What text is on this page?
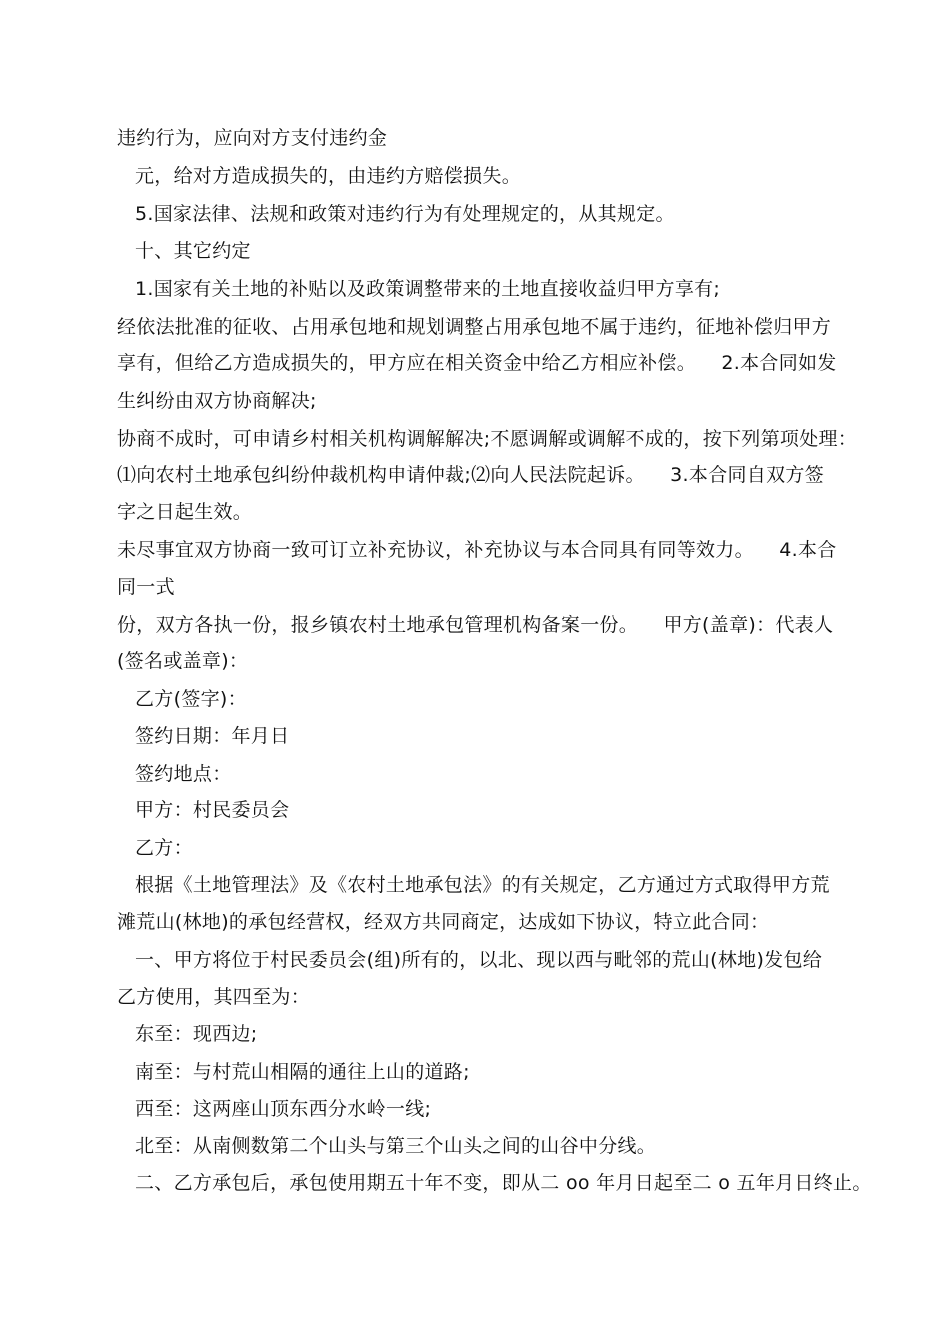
违约行为，应向对方支付违约金
元，给对方造成损失的，由违约方赔偿损失。
5.国家法律、法规和政策对违约行为有处理规定的，从其规定。
十、其它约定
1.国家有关土地的补贴以及政策调整带来的土地直接收益归甲方享有;
经依法批准的征收、占用承包地和规划调整占用承包地不属于违约，征地补偿归甲方
享有，但给乙方造成损失的，甲方应在相关资金中给乙方相应补偿。    2.本合同如发
生纠纷由双方协商解决;
协商不成时，可申请乡村相关机构调解解决;不愿调解或调解不成的，按下列第项处理：
⑴向农村土地承包纠纷仲裁机构申请仲裁;⑵向人民法院起诉。    3.本合同自双方签
字之日起生效。
未尽事宜双方协商一致可订立补充协议，补充协议与本合同具有同等效力。    4.本合
同一式
份，双方各执一份，报乡镇农村土地承包管理机构备案一份。    甲方(盖章)：代表人
(签名或盖章)：
乙方(签字)：
签约日期：年月日
签约地点：
甲方：村民委员会
乙方：
根据《土地管理法》及《农村土地承包法》的有关规定，乙方通过方式取得甲方荒
滩荒山(林地)的承包经营权，经双方共同商定，达成如下协议，特立此合同：
一、甲方将位于村民委员会(组)所有的，以北、现以西与毗邻的荒山(林地)发包给
乙方使用，其四至为：
东至：现西边;
南至：与村荒山相隔的通往上山的道路;
西至：这两座山顶东西分水岭一线;
北至：从南侧数第二个山头与第三个山头之间的山谷中分线。
二、乙方承包后，承包使用期五十年不变，即从二 oo 年月日起至二 o 五年月日终止。
